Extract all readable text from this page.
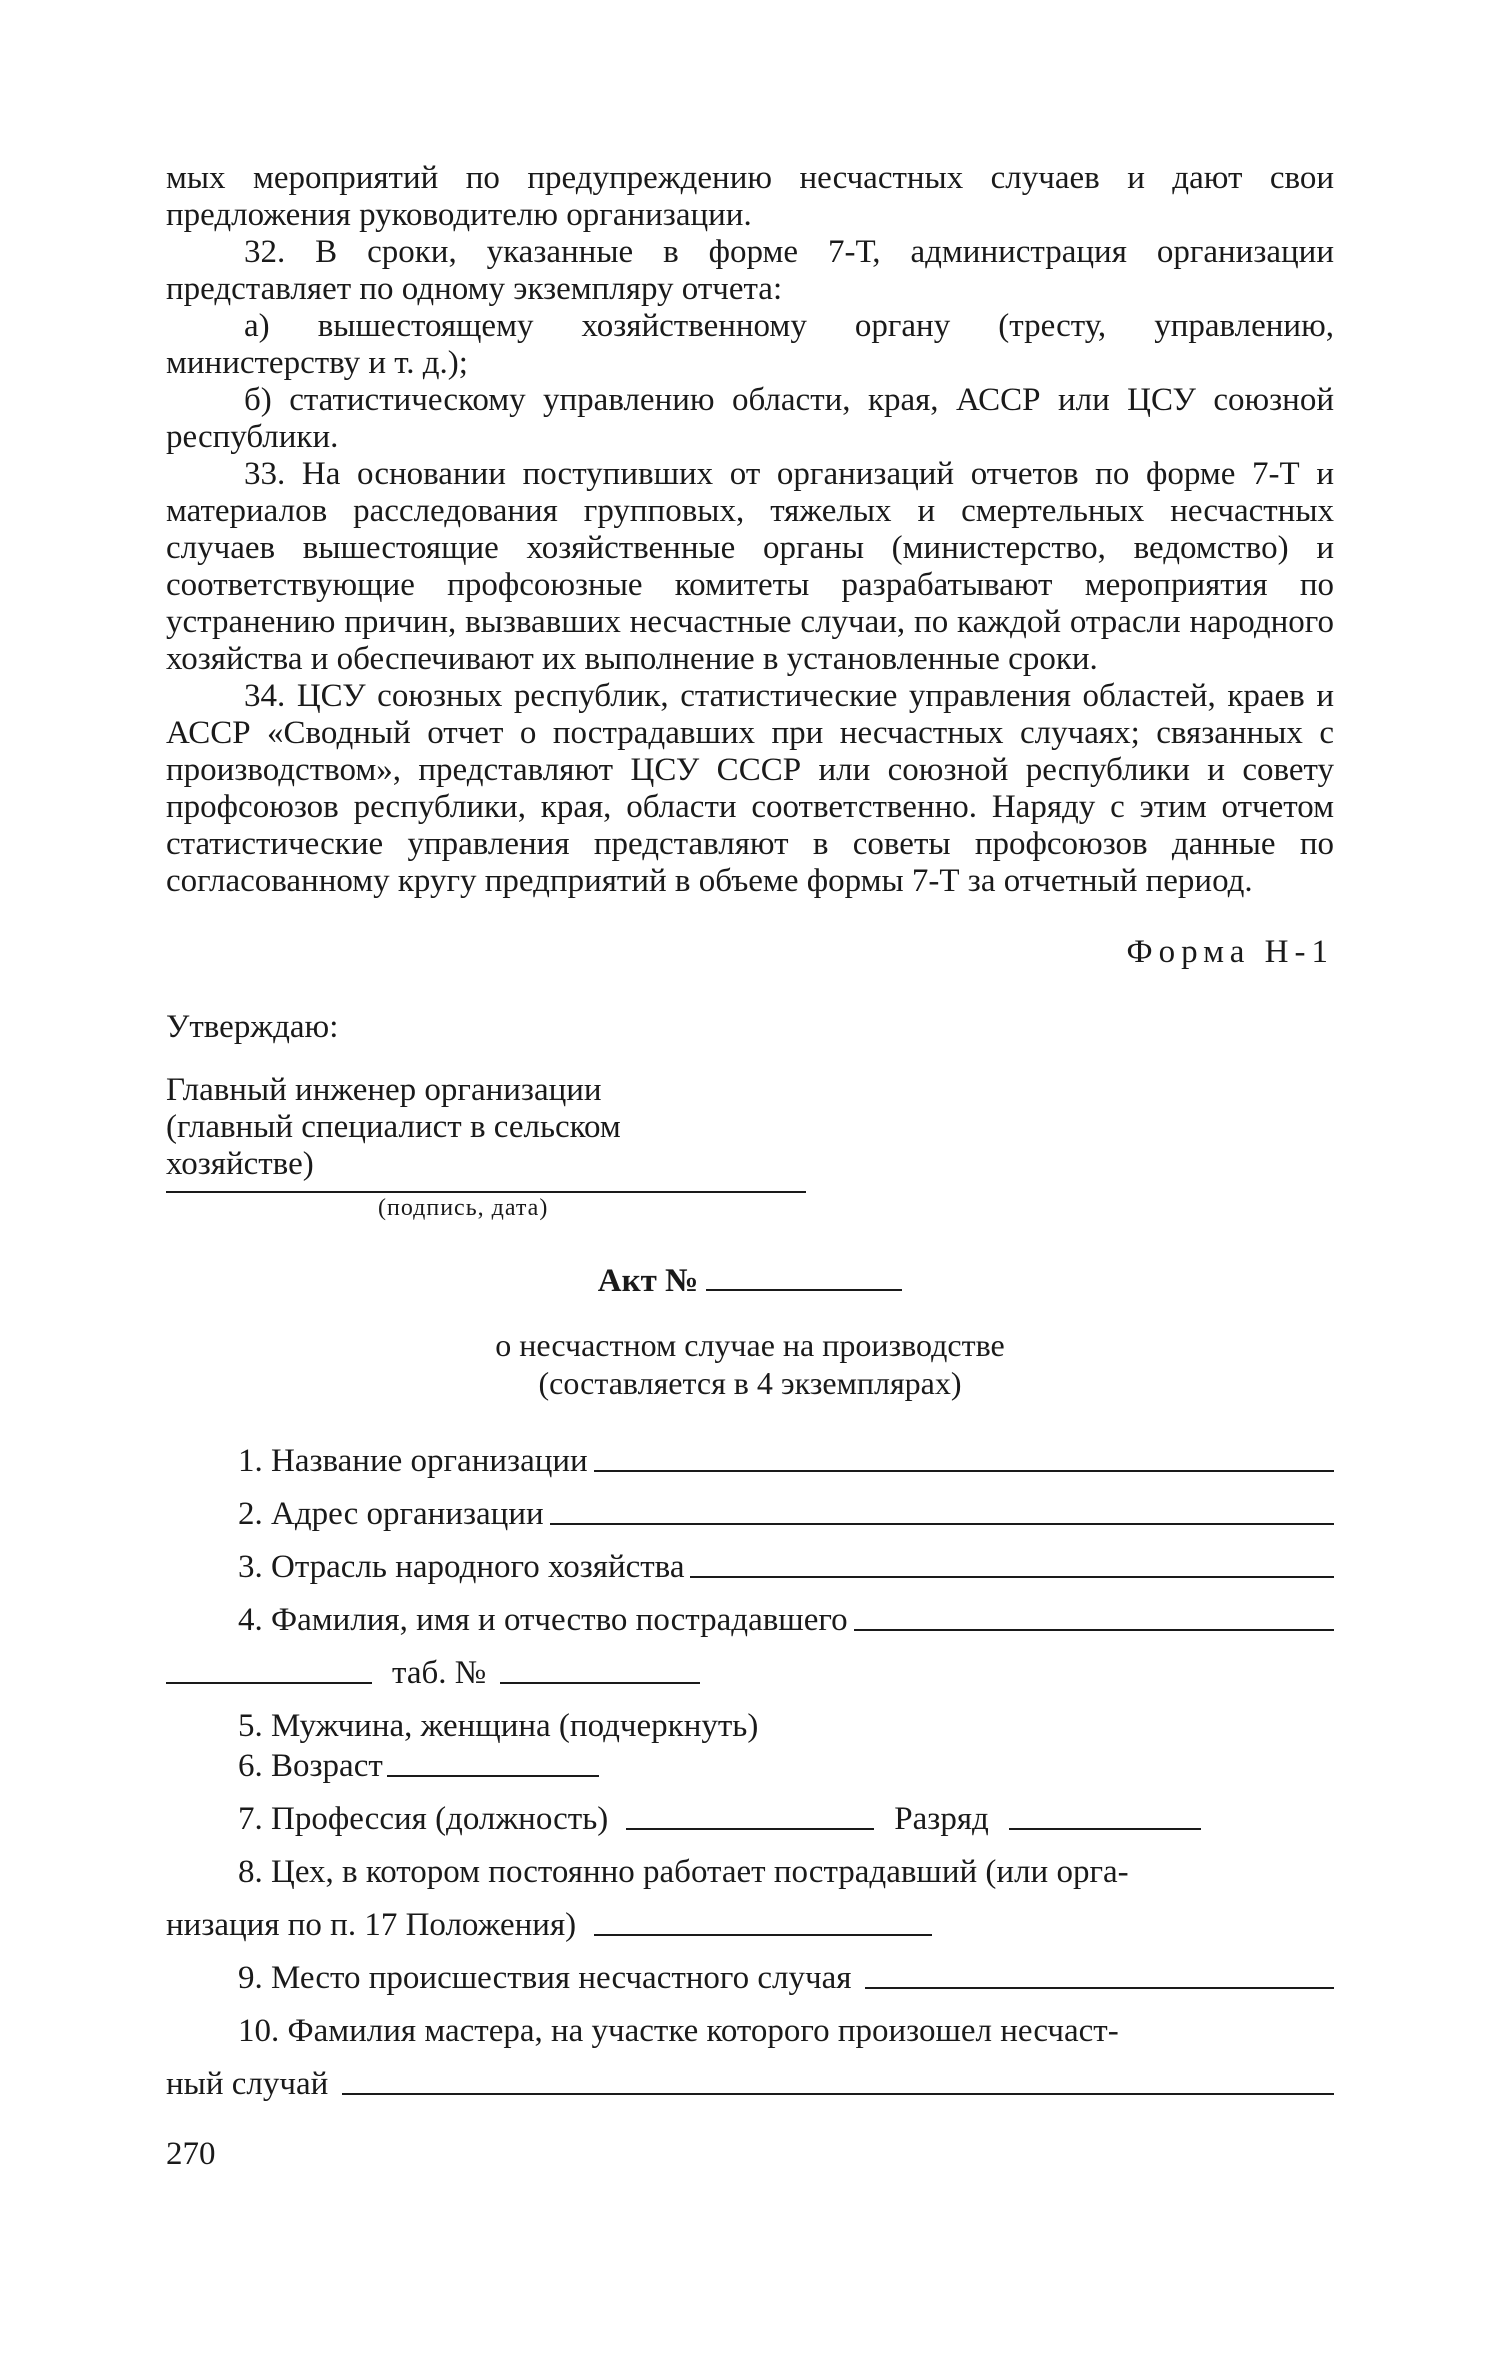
мых мероприятий по предупреждению несчастных случаев и дают свои предложения руководителю организации.

32. В сроки, указанные в форме 7-Т, администрация организации представляет по одному экземпляру отчета:

а) вышестоящему хозяйственному органу (тресту, управлению, министерству и т. д.);

б) статистическому управлению области, края, АССР или ЦСУ союзной республики.

33. На основании поступивших от организаций отчетов по форме 7-Т и материалов расследования групповых, тяжелых и смертельных несчастных случаев вышестоящие хозяйственные органы (министерство, ведомство) и соответствующие профсоюзные комитеты разрабатывают мероприятия по устранению причин, вызвавших несчастные случаи, по каждой отрасли народного хозяйства и обеспечивают их выполнение в установленные сроки.

34. ЦСУ союзных республик, статистические управления областей, краев и АССР «Сводный отчет о пострадавших при несчастных случаях; связанных с производством», представляют ЦСУ СССР или союзной республики и совету профсоюзов республики, края, области соответственно. Наряду с этим отчетом статистические управления представляют в советы профсоюзов данные по согласованному кругу предприятий в объеме формы 7-Т за отчетный период.

Форма Н-1

Утверждаю:

Главный инженер организации (главный специалист в сельском хозяйстве)
(подпись, дата)
Акт №
о несчастном случае на производстве
(составляется в 4 экземплярах)
1. Название организации
2. Адрес организации
3. Отрасль народного хозяйства
4. Фамилия, имя и отчество пострадавшего
таб. №
5. Мужчина, женщина (подчеркнуть)
6. Возраст
7. Профессия (должность)	Разряд
8. Цех, в котором постоянно работает пострадавший (или орга-
низация по п. 17 Положения)
9. Место происшествия несчастного случая
10. Фамилия мастера, на участке которого произошел несчаст-
ный случай
270
